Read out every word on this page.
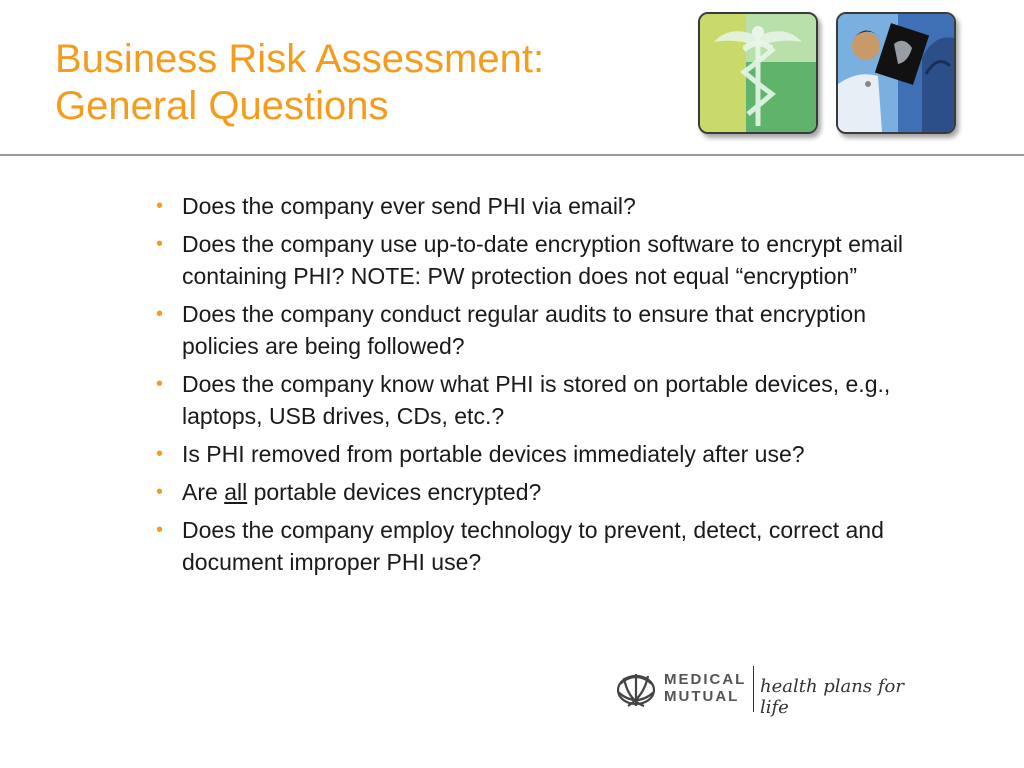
Business Risk Assessment:
General Questions
• Does the company ever send PHI via email?
• Does the company use up-to-date encryption software to encrypt email containing PHI? NOTE: PW protection does not equal “encryption”
• Does the company conduct regular audits to ensure that encryption policies are being followed?
• Does the company know what PHI is stored on portable devices, e.g., laptops, USB drives, CDs, etc.?
• Is PHI removed from portable devices immediately after use?
• Are all portable devices encrypted?
• Does the company employ technology to prevent, detect, correct and document improper PHI use?
MEDICAL
MUTUAL health plans for life
